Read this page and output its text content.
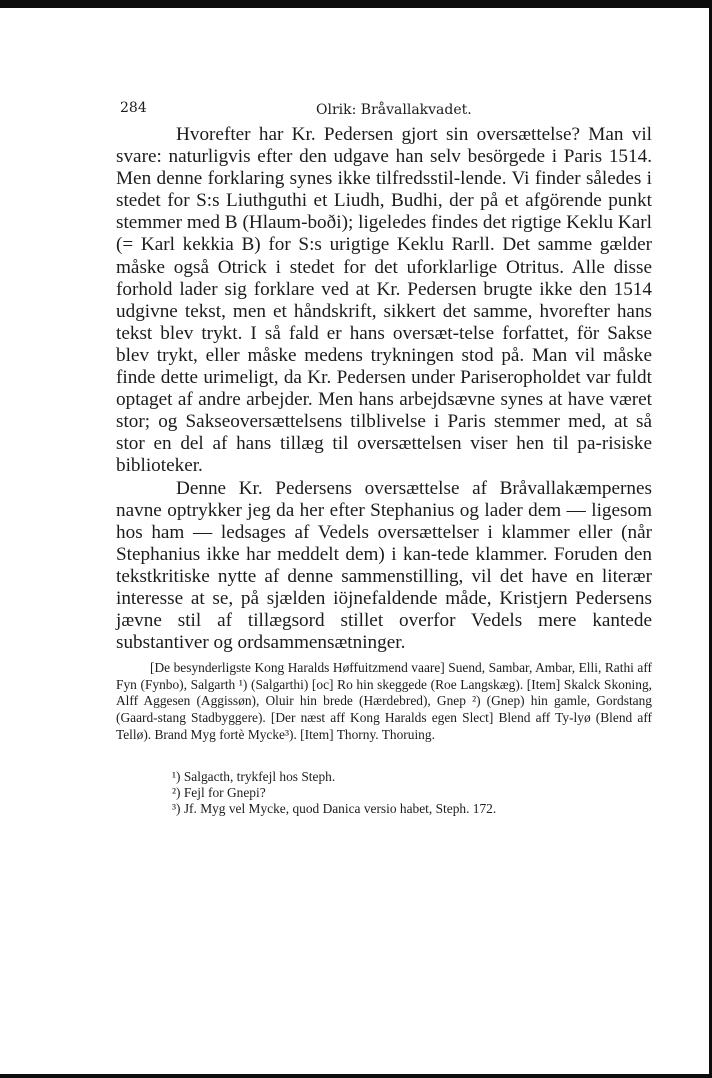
284	Olrik: Bråvallakvadet.

Hvorefter har Kr. Pedersen gjort sin oversættelse? Man vil svare: naturligvis efter den udgave han selv besörgede i Paris 1514. Men denne forklaring synes ikke tilfredsstil-lende. Vi finder således i stedet for S:s Liuthguthi et Liudh, Budhi, der på et afgörende punkt stemmer med B (Hlaum-boði); ligeledes findes det rigtige Keklu Karl (= Karl kekkia B) for S:s urigtige Keklu Rarll. Det samme gælder måske også Otrick i stedet for det uforklarlige Otritus. Alle disse forhold lader sig forklare ved at Kr. Pedersen brugte ikke den 1514 udgivne tekst, men et håndskrift, sikkert det samme, hvorefter hans tekst blev trykt. I så fald er hans oversæt-telse forfattet, för Sakse blev trykt, eller måske medens trykningen stod på. Man vil måske finde dette urimeligt, da Kr. Pedersen under Pariseropholdet var fuldt optaget af andre arbejder. Men hans arbejdsævne synes at have været stor; og Sakseoversættelsens tilblivelse i Paris stemmer med, at så stor en del af hans tillæg til oversættelsen viser hen til pa-risiske biblioteker.

Denne Kr. Pedersens oversættelse af Bråvallakæmpernes navne optrykker jeg da her efter Stephanius og lader dem — ligesom hos ham — ledsages af Vedels oversættelser i klammer eller (når Stephanius ikke har meddelt dem) i kan-tede klammer. Foruden den tekstkritiske nytte af denne sammenstilling, vil det have en literær interesse at se, på sjælden iöjnefaldende måde, Kristjern Pedersens jævne stil af tillægsord stillet overfor Vedels mere kantede substantiver og ordsammensætninger.

[De besynderligste Kong Haralds Høffuitzmend vaare] Suend, Sambar, Ambar, Elli, Rathi aff Fyn (Fynbo), Salgarth ¹) (Salgarthi) [oc] Ro hin skeggede (Roe Langskæg). [Item] Skalck Skoning, Alff Aggesen (Aggissøn), Oluir hin brede (Hærdebred), Gnep ²) (Gnep) hin gamle, Gordstang (Gaard-stang Stadbyggere). [Der næst aff Kong Haralds egen Slect] Blend aff Ty-lyø (Blend aff Tellø). Brand Myg fortè Mycke³). [Item] Thorny. Thoruing.

¹) Salgacth, trykfejl hos Steph.

²) Fejl for Gnepi?

³) Jf. Myg vel Mycke, quod Danica versio habet, Steph. 172.
